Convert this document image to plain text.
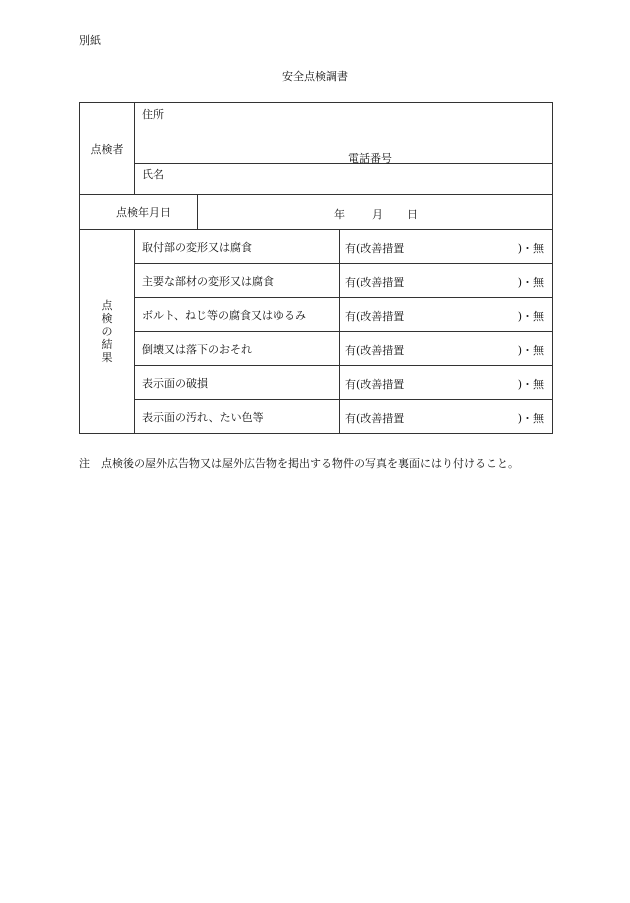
別紙
安全点検調書
点検者	住所
電話番号		

	氏名		
点検年月日		年 月 日	

点
検
の
結
果	取付部の変形又は腐食		有(改善措置 )・無

	主要な部材の変形又は腐食		有(改善措置 )・無

	ボルト、ねじ等の腐食又はゆるみ		有(改善措置 )・無

	倒壊又は落下のおそれ		有(改善措置 )・無

	表示面の破損		有(改善措置 )・無

	表示面の汚れ、たい色等		有(改善措置 )・無
注 点検後の屋外広告物又は屋外広告物を掲出する物件の写真を裏面にはり付けること。
